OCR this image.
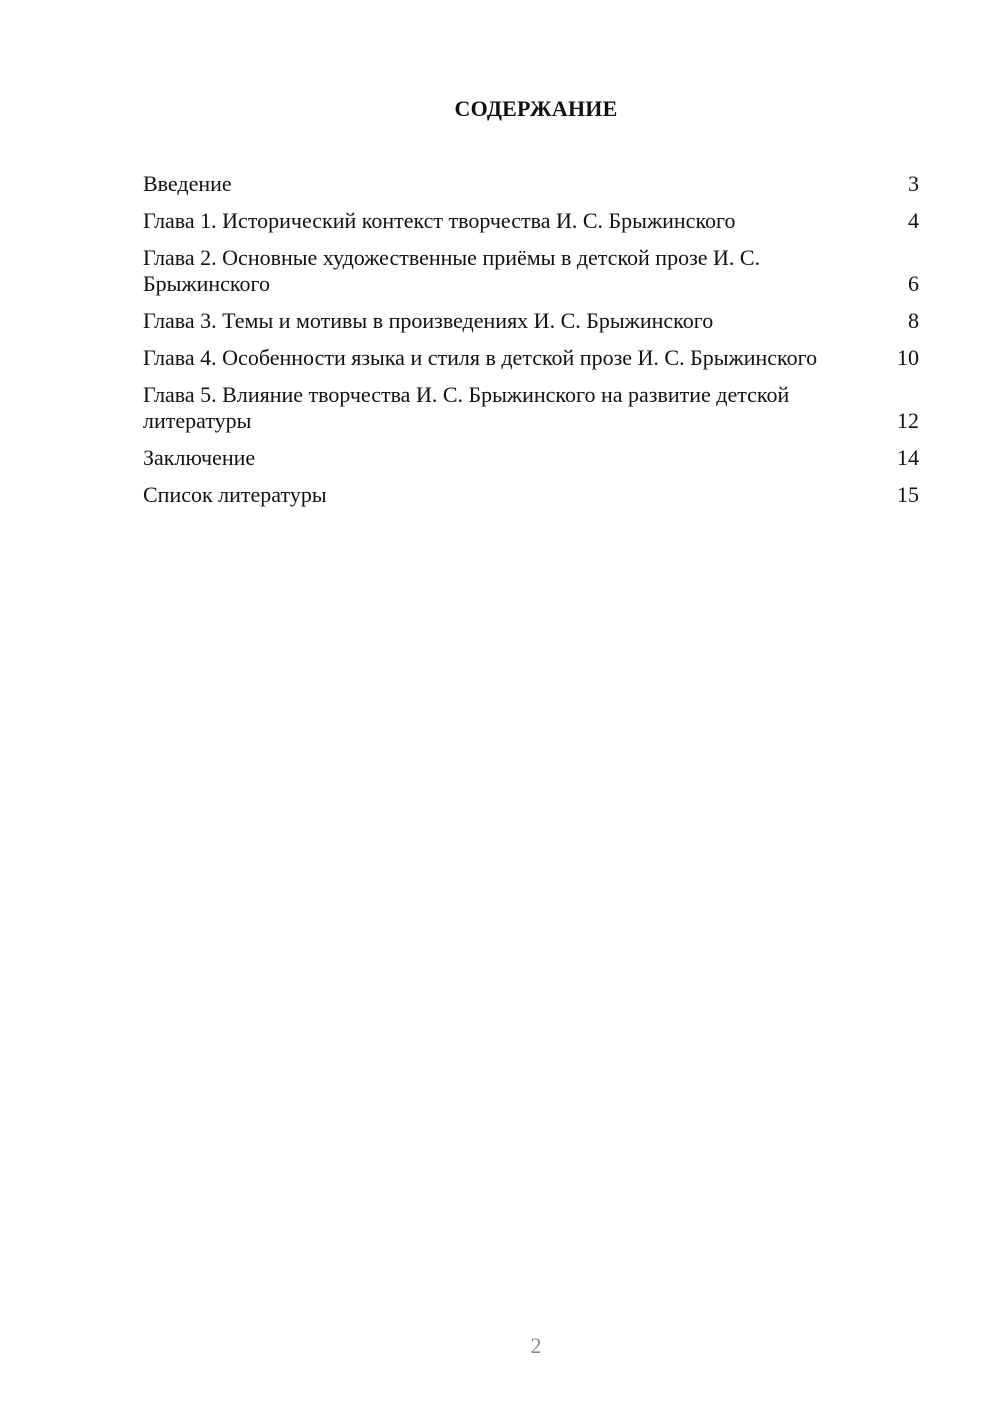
СОДЕРЖАНИЕ
Введение	3
Глава 1. Исторический контекст творчества И. С. Брыжинского	4
Глава 2. Основные художественные приёмы в детской прозе И. С. Брыжинского	6
Глава 3. Темы и мотивы в произведениях И. С. Брыжинского	8
Глава 4. Особенности языка и стиля в детской прозе И. С. Брыжинского	10
Глава 5. Влияние творчества И. С. Брыжинского на развитие детской литературы	12
Заключение	14
Список литературы	15
2
